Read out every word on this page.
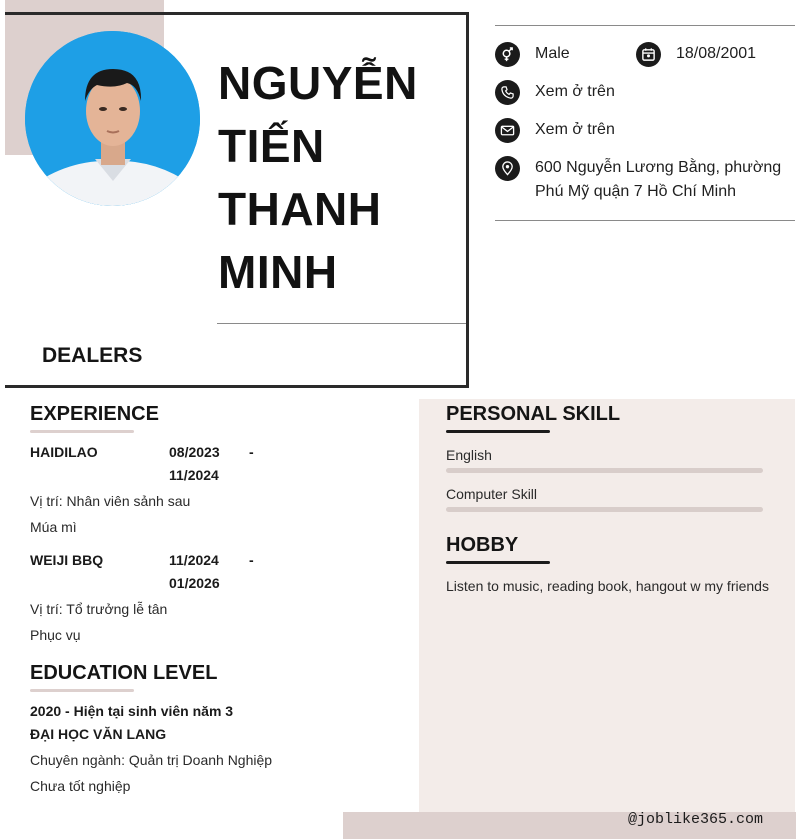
NGUYỄN
TIẾN
THANH
MINH
DEALERS
Male	18/08/2001
Xem ở trên
Xem ở trên
600 Nguyễn Lương Bằng, phường
Phú Mỹ quận 7 Hồ Chí Minh
PERSONAL SKILL
English
Computer Skill
HOBBY
Listen to music, reading book, hangout w my friends
EXPERIENCE
HAIDILAO	08/2023 -
11/2024
Vị trí: Nhân viên sảnh sau
Múa mì
WEIJI BBQ	11/2024 -
01/2026
Vị trí: Tổ trưởng lễ tân
Phục vụ
EDUCATION LEVEL
2020 - Hiện tại sinh viên năm 3
ĐẠI HỌC VĂN LANG
Chuyên ngành: Quản trị Doanh Nghiệp
Chưa tốt nghiệp
@joblike365.com
